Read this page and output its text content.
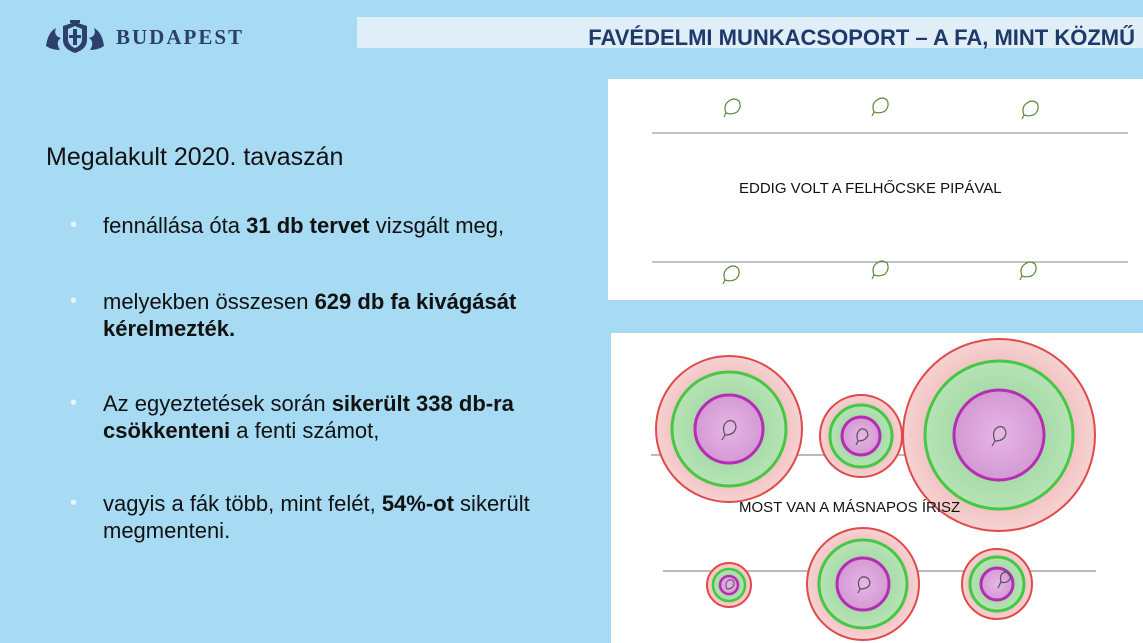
BUDAPEST	FAVÉDELMI MUNKACSOPORT – A FA, MINT KÖZMŰ
Megalakult 2020. tavaszán
• fennállása óta 31 db tervet vizsgált meg,
• melyekben összesen 629 db fa kivágását kérelmezték.
• Az egyeztetések során sikerült 338 db-ra csökkenteni a fenti számot,
• vagyis a fák több, mint felét, 54%-ot sikerült megmenteni.
EDDIG VOLT A FELHŐCSKE PIPÁVAL
MOST VAN A MÁSNAPOS ÍRISZ
